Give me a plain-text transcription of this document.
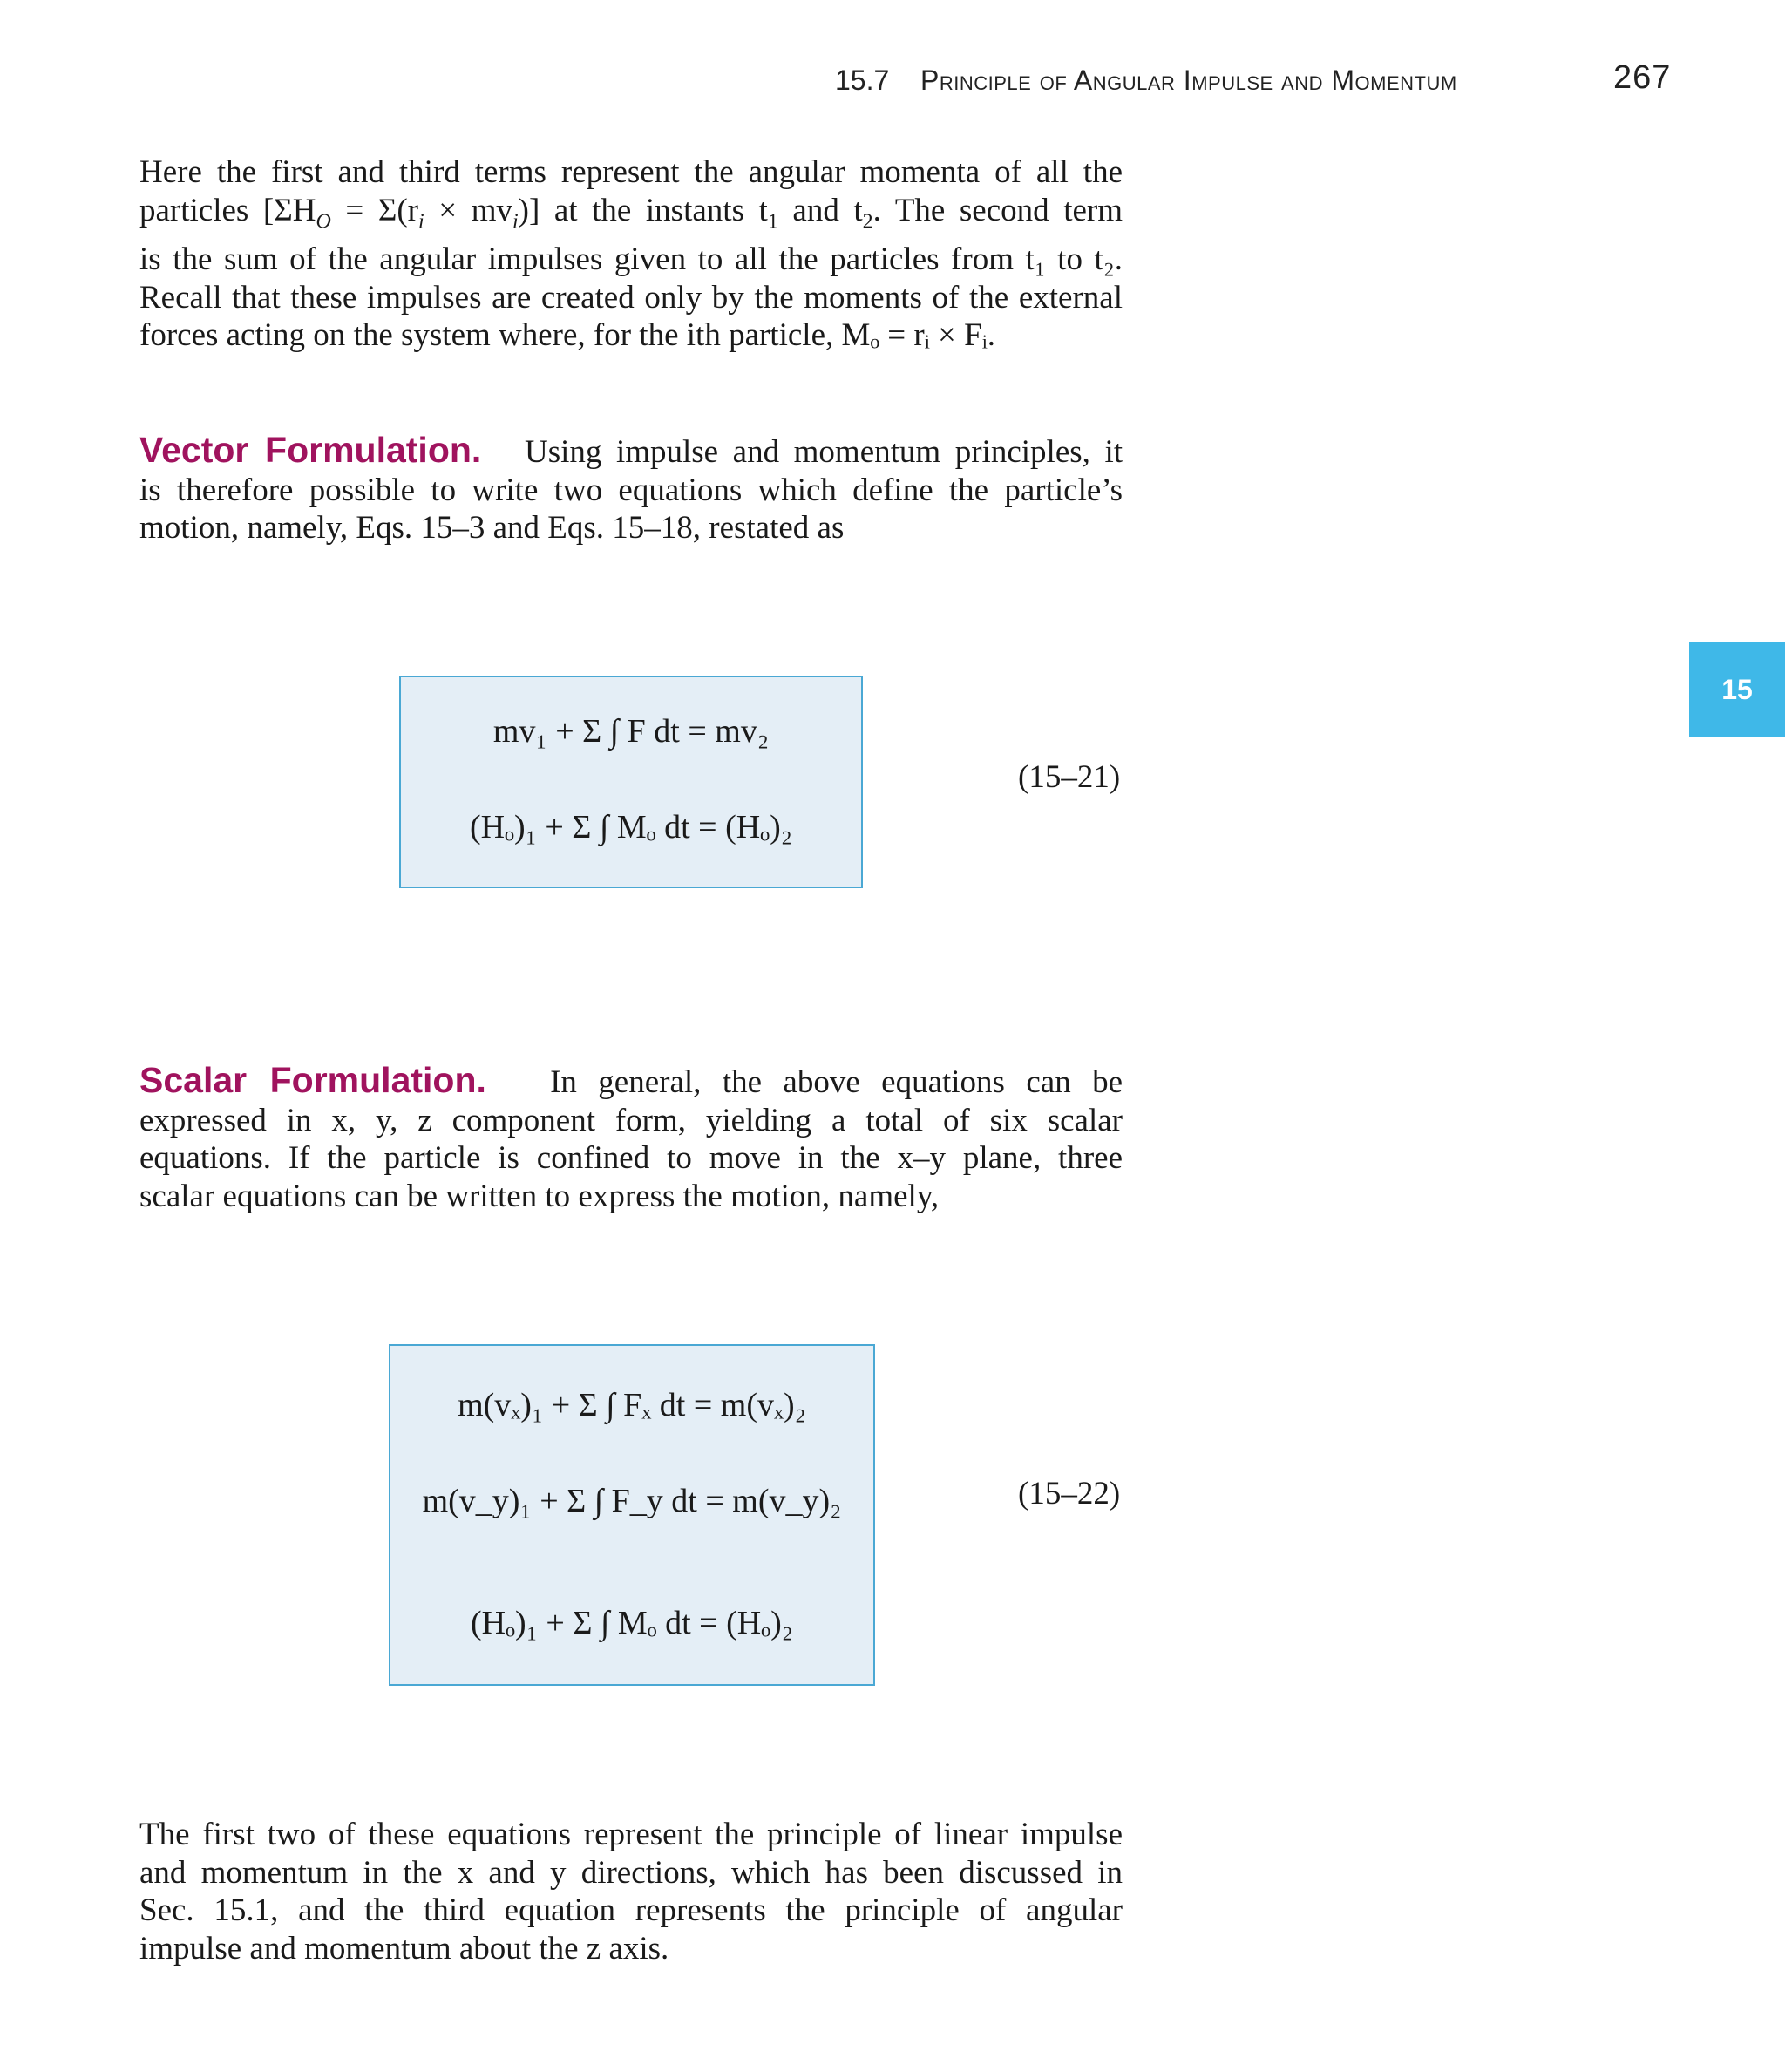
15.7 Principle of Angular Impulse and Momentum	267
15
Here the first and third terms represent the angular momenta of all the
particles $[\Sigma H_O = \Sigma(r_i \times mv_i)]$ at the instants $t_1$ and $t_2$. The second term
is the sum of the angular impulses given to all the particles from t₁ to t₂.
Recall that these impulses are created only by the moments of the external
forces acting on the system where, for the ith particle, Mₒ = rᵢ × Fᵢ.
Vector Formulation. Using impulse and momentum principles, it
is therefore possible to write two equations which define the particle’s
motion, namely, Eqs. 15–3 and Eqs. 15–18, restated as
mv₁ + Σ ∫ F dt = mv₂
(Hₒ)₁ + Σ ∫ Mₒ dt = (Hₒ)₂
(15–21)
Scalar Formulation. In general, the above equations can be
expressed in x, y, z component form, yielding a total of six scalar
equations. If the particle is confined to move in the x–y plane, three
scalar equations can be written to express the motion, namely,
m(vₓ)₁ + Σ ∫ Fₓ dt = m(vₓ)₂
m(v_y)₁ + Σ ∫ F_y dt = m(v_y)₂
(Hₒ)₁ + Σ ∫ Mₒ dt = (Hₒ)₂
(15–22)
The first two of these equations represent the principle of linear impulse
and momentum in the x and y directions, which has been discussed in
Sec. 15.1, and the third equation represents the principle of angular
impulse and momentum about the z axis.
